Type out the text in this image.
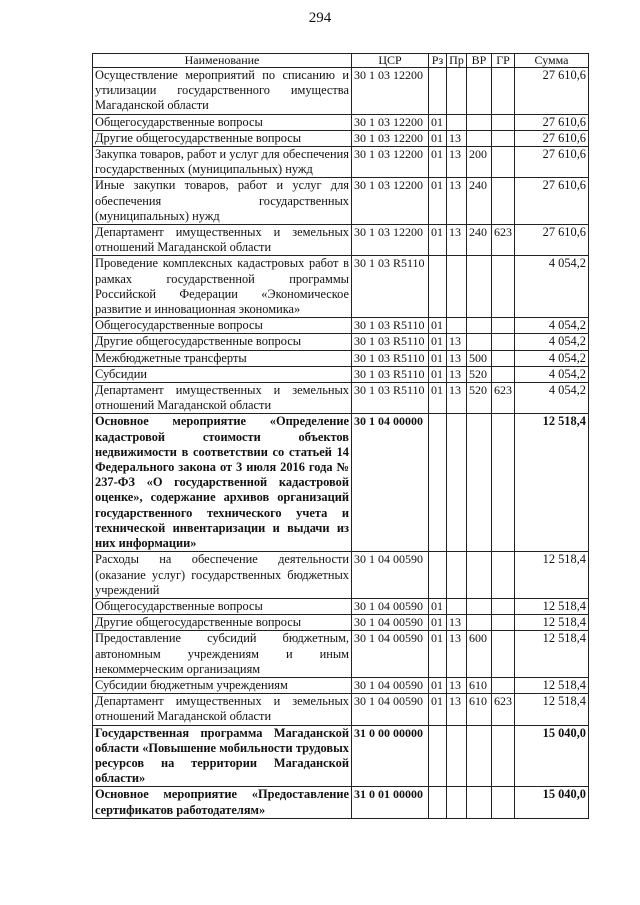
294
Наименование	ЦСР	Рз	Пр	ВР	ГР	Сумма
Осуществление мероприятий по списанию и утилизации государственного имущества Магаданской области	30 1 03 12200					27 610,6
Общегосударственные вопросы	30 1 03 12200	01				27 610,6
Другие общегосударственные вопросы	30 1 03 12200	01	13			27 610,6
Закупка товаров, работ и услуг для обеспечения государственных (муниципальных) нужд	30 1 03 12200	01	13	200		27 610,6
Иные закупки товаров, работ и услуг для обеспечения государственных (муниципальных) нужд	30 1 03 12200	01	13	240		27 610,6
Департамент имущественных и земельных отношений Магаданской области	30 1 03 12200	01	13	240	623	27 610,6
Проведение комплексных кадастровых работ в рамках государственной программы Российской Федерации «Экономическое развитие и инновационная экономика»	30 1 03 R5110					4 054,2
Общегосударственные вопросы	30 1 03 R5110	01				4 054,2
Другие общегосударственные вопросы	30 1 03 R5110	01	13			4 054,2
Межбюджетные трансферты	30 1 03 R5110	01	13	500		4 054,2
Субсидии	30 1 03 R5110	01	13	520		4 054,2
Департамент имущественных и земельных отношений Магаданской области	30 1 03 R5110	01	13	520	623	4 054,2
Основное мероприятие «Определение кадастровой стоимости объектов недвижимости в соответствии со статьей 14 Федерального закона от 3 июля 2016 года № 237-ФЗ «О государственной кадастровой оценке», содержание архивов организаций государственного технического учета и технической инвентаризации и выдачи из них информации»	30 1 04 00000					12 518,4
Расходы на обеспечение деятельности (оказание услуг) государственных бюджетных учреждений	30 1 04 00590					12 518,4
Общегосударственные вопросы	30 1 04 00590	01				12 518,4
Другие общегосударственные вопросы	30 1 04 00590	01	13			12 518,4
Предоставление субсидий бюджетным, автономным учреждениям и иным некоммерческим организациям	30 1 04 00590	01	13	600		12 518,4
Субсидии бюджетным учреждениям	30 1 04 00590	01	13	610		12 518,4
Департамент имущественных и земельных отношений Магаданской области	30 1 04 00590	01	13	610	623	12 518,4
Государственная программа Магаданской области «Повышение мобильности трудовых ресурсов на территории Магаданской области»	31 0 00 00000					15 040,0
Основное мероприятие «Предоставление сертификатов работодателям»	31 0 01 00000					15 040,0
